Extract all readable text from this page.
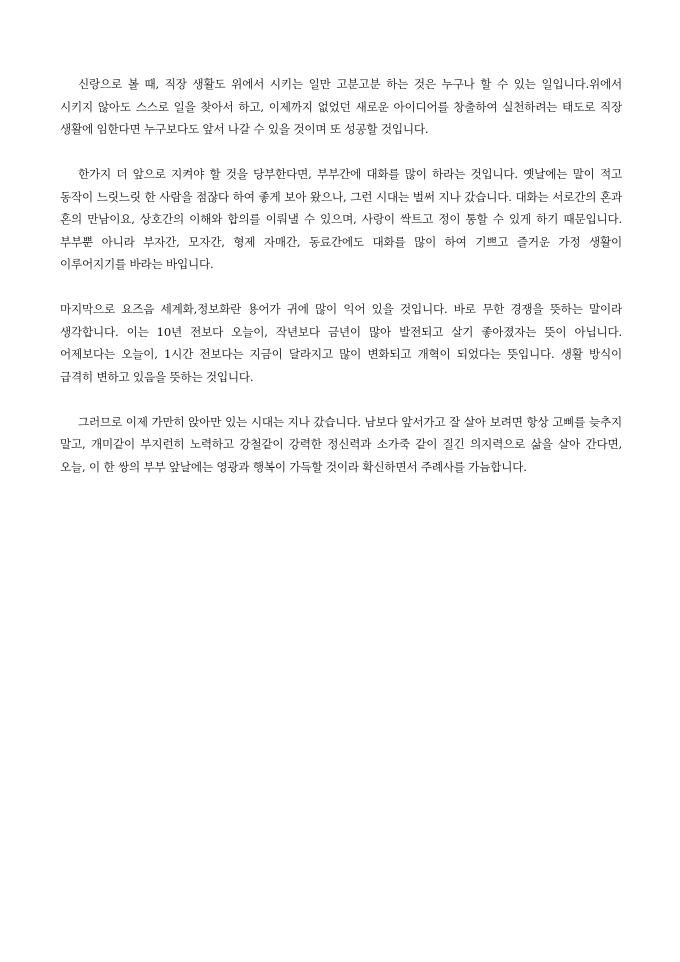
신랑으로 볼 때, 직장 생활도 위에서 시키는 일만 고분고분 하는 것은 누구나 할 수 있는 일입니다.위에서 시키지 않아도 스스로 일을 찾아서 하고, 이제까지 없었던 새로운 아이디어를 창출하여 실천하려는 태도로 직장 생활에 임한다면 누구보다도 앞서 나갈 수 있을 것이며 또 성공할 것입니다.

한가지 더 앞으로 지켜야 할 것을 당부한다면, 부부간에 대화를 많이 하라는 것입니다. 옛날에는 말이 적고 동작이 느릿느릿 한 사람을 점잖다 하여 좋게 보아 왔으나, 그런 시대는 벌써 지나 갔습니다. 대화는 서로간의 혼과 혼의 만남이요, 상호간의 이해와 합의를 이뤄낼 수 있으며, 사랑이 싹트고 정이 통할 수 있게 하기 때문입니다. 부부뿐 아니라 부자간, 모자간, 형제 자매간, 동료간에도 대화를 많이 하여 기쁘고 즐거운 가정 생활이 이루어지기를 바라는 바입니다.

마지막으로 요즈음 세계화,정보화란 용어가 귀에 많이 익어 있을 것입니다. 바로 무한 경쟁을 뜻하는 말이라 생각합니다. 이는 10년 전보다 오늘이, 작년보다 금년이 많아 발전되고 살기 좋아졌자는 뜻이 아닙니다. 어제보다는 오늘이, 1시간 전보다는 지금이 달라지고 많이 변화되고 개혁이 되었다는 뜻입니다. 생활 방식이 급격히 변하고 있음을 뜻하는 것입니다.

그러므로 이제 가만히 앉아만 있는 시대는 지나 갔습니다. 남보다 앞서가고 잘 살아 보려면 항상 고삐를 늦추지 말고, 개미같이 부지런히 노력하고 강철같이 강력한 정신력과 소가죽 같이 질긴 의지력으로 삶을 살아 간다면, 오늘, 이 한 쌍의 부부 앞날에는 영광과 행복이 가득할 것이라 확신하면서 주례사를 가늠합니다.
